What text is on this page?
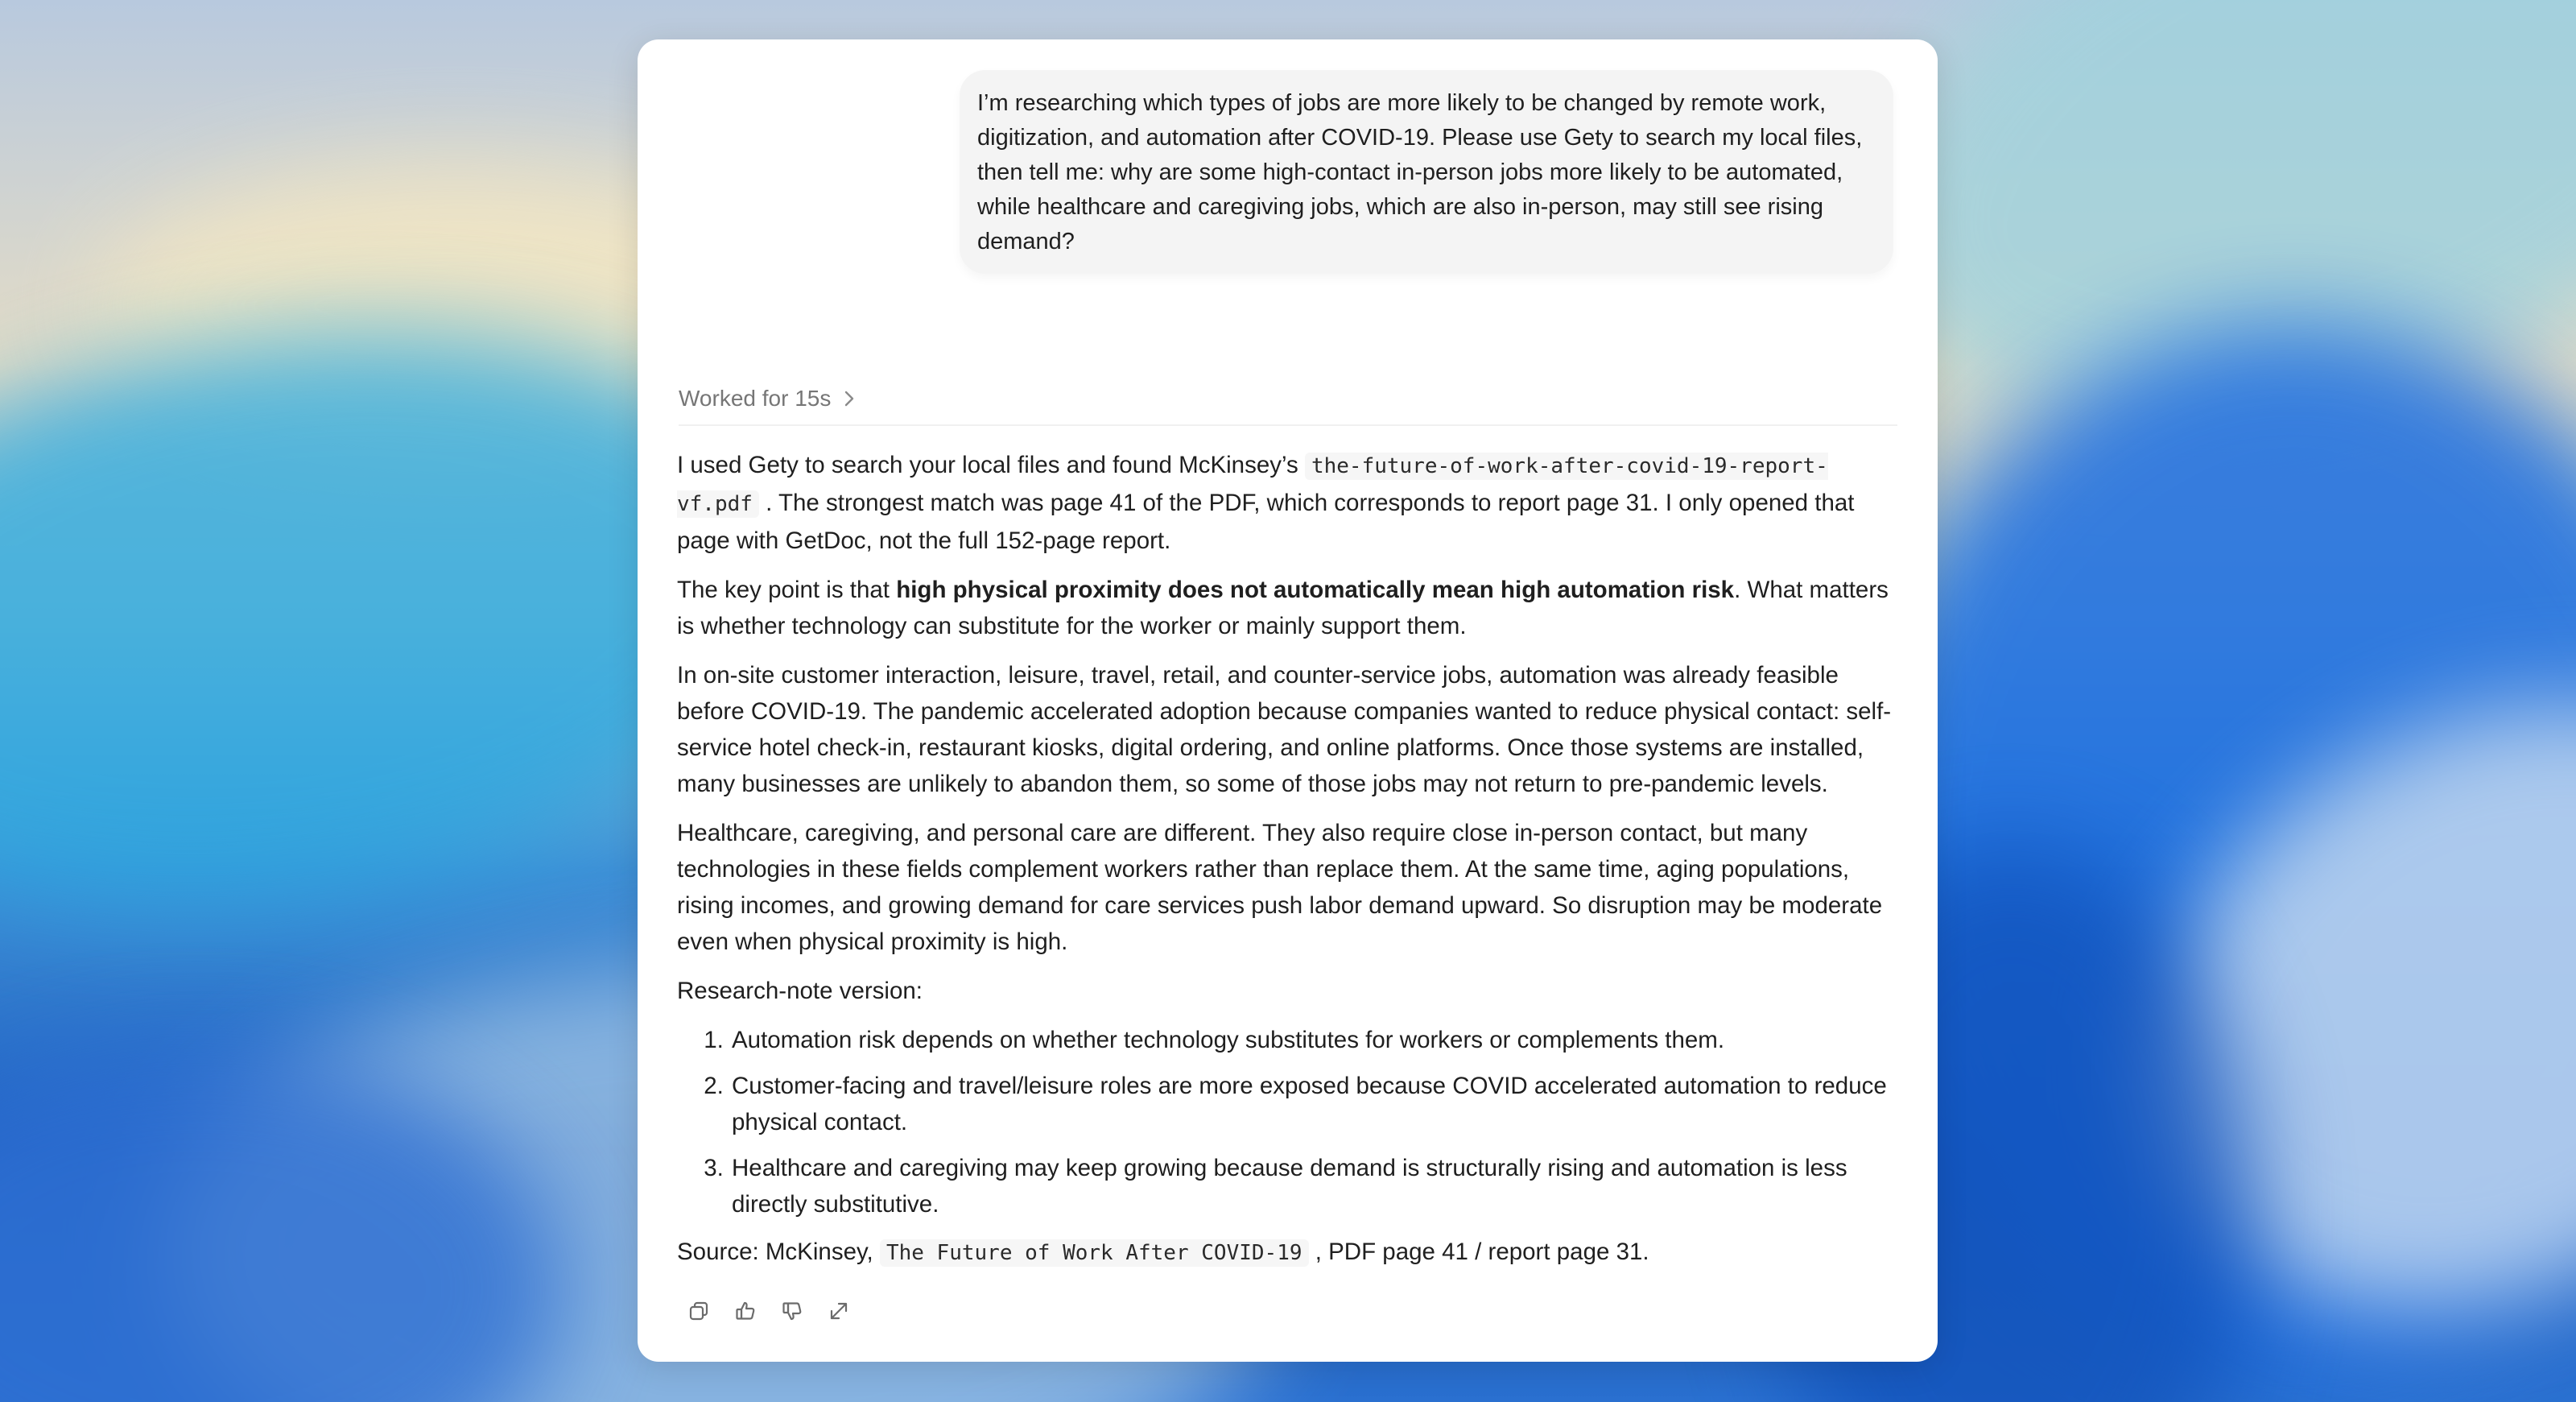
I’m researching which types of jobs are more likely to be changed by remote work, digitization, and automation after COVID-19. Please use Gety to search my local files, then tell me: why are some high-contact in-person jobs more likely to be automated, while healthcare and caregiving jobs, which are also in-person, may still see rising demand?
Worked for 15s

I used Gety to search your local files and found McKinsey’s the-future-of-work-after-covid-19-report-vf.pdf . The strongest match was page 41 of the PDF, which corresponds to report page 31. I only opened that page with GetDoc, not the full 152-page report.

The key point is that high physical proximity does not automatically mean high automation risk. What matters is whether technology can substitute for the worker or mainly support them.

In on-site customer interaction, leisure, travel, retail, and counter-service jobs, automation was already feasible before COVID-19. The pandemic accelerated adoption because companies wanted to reduce physical contact: self-service hotel check-in, restaurant kiosks, digital ordering, and online platforms. Once those systems are installed, many businesses are unlikely to abandon them, so some of those jobs may not return to pre-pandemic levels.

Healthcare, caregiving, and personal care are different. They also require close in-person contact, but many technologies in these fields complement workers rather than replace them. At the same time, aging populations, rising incomes, and growing demand for care services push labor demand upward. So disruption may be moderate even when physical proximity is high.

Research-note version:

1. Automation risk depends on whether technology substitutes for workers or complements them.
2. Customer-facing and travel/leisure roles are more exposed because COVID accelerated automation to reduce physical contact.
3. Healthcare and caregiving may keep growing because demand is structurally rising and automation is less directly substitutive.

Source: McKinsey, The Future of Work After COVID-19 , PDF page 41 / report page 31.
